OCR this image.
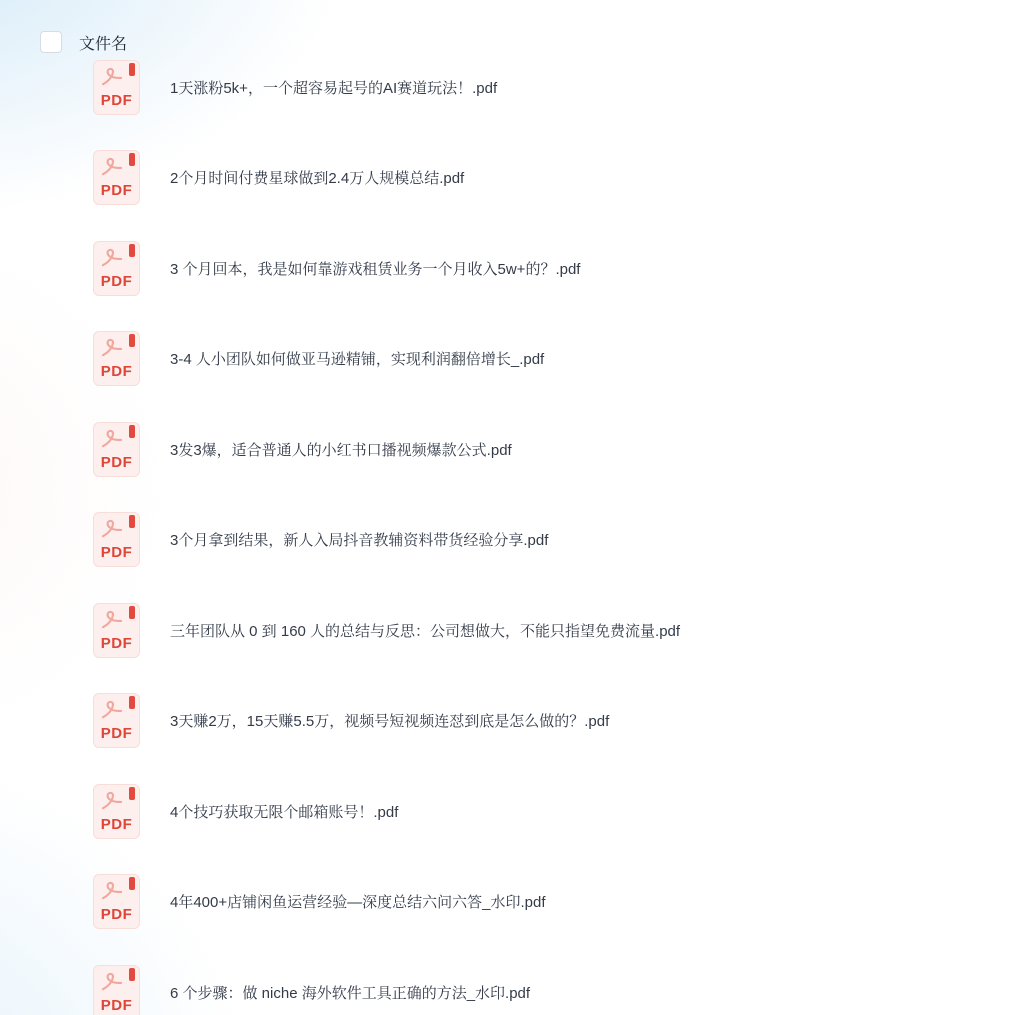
文件名
PDF
1天涨粉5k+，一个超容易起号的AI赛道玩法！.pdf
PDF
2个月时间付费星球做到2.4万人规模总结.pdf
PDF
3 个月回本，我是如何靠游戏租赁业务一个月收入5w+的？.pdf
PDF
3-4 人小团队如何做亚马逊精铺，实现利润翻倍增长_.pdf
PDF
3发3爆，适合普通人的小红书口播视频爆款公式.pdf
PDF
3个月拿到结果，新人入局抖音教辅资料带货经验分享.pdf
PDF
三年团队从 0 到 160 人的总结与反思：公司想做大，不能只指望免费流量.pdf
PDF
3天赚2万，15天赚5.5万，视频号短视频连怼到底是怎么做的？.pdf
PDF
4个技巧获取无限个邮箱账号！.pdf
PDF
4年400+店铺闲鱼运营经验—深度总结六问六答_水印.pdf
PDF
6 个步骤：做 niche 海外软件工具正确的方法_水印.pdf
